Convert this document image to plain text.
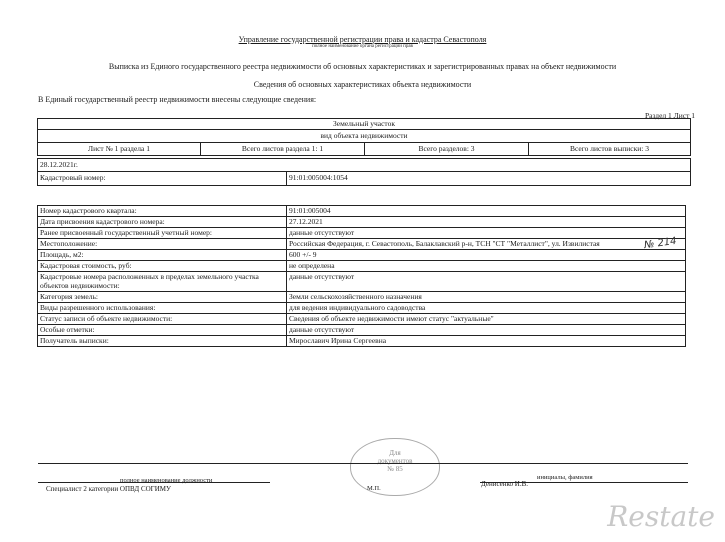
Управление государственной регистрации права и кадастра Севастополя
полное наименование органа регистрации прав
Выписка из Единого государственного реестра недвижимости об основных характеристиках и зарегистрированных правах на объект недвижимости
Сведения об основных характеристиках объекта недвижимости
В Единый государственный реестр недвижимости внесены следующие сведения:
Раздел 1 Лист 1
Земельный участок
вид объекта недвижимости
Лист № 1 раздела 1	Всего листов раздела 1: 1	Всего разделов: 3	Всего листов выписки: 3
28.12.2021г.
Кадастровый номер:	91:01:005004:1054
Номер кадастрового квартала:	91:01:005004
Дата присвоения кадастрового номера:	27.12.2021
Ранее присвоенный государственный учетный номер:	данные отсутствуют
Местоположение:	Российская Федерация, г. Севастополь, Балаклавский р-н, ТСН "СТ "Металлист", ул. Извилистая
Площадь, м2:	600 +/- 9
Кадастровая стоимость, руб:	не определена
Кадастровые номера расположенных в пределах земельного участка объектов недвижимости:	данные отсутствуют
Категория земель:	Земли сельскохозяйственного назначения
Виды разрешенного использования:	для ведения индивидуального садоводства
Статус записи об объекте недвижимости:	Сведения об объекте недвижимости имеют статус "актуальные"
Особые отметки:	данные отсутствуют
Получатель выписки:	Мирославич Ирина Сергеевна
№ 214
Для
документов
№ 85
полное наименование должности
Специалист 2 категории ОПВД СОГИМУ	М.П.
инициалы, фамилия
Денисенко И.В.
Restate
